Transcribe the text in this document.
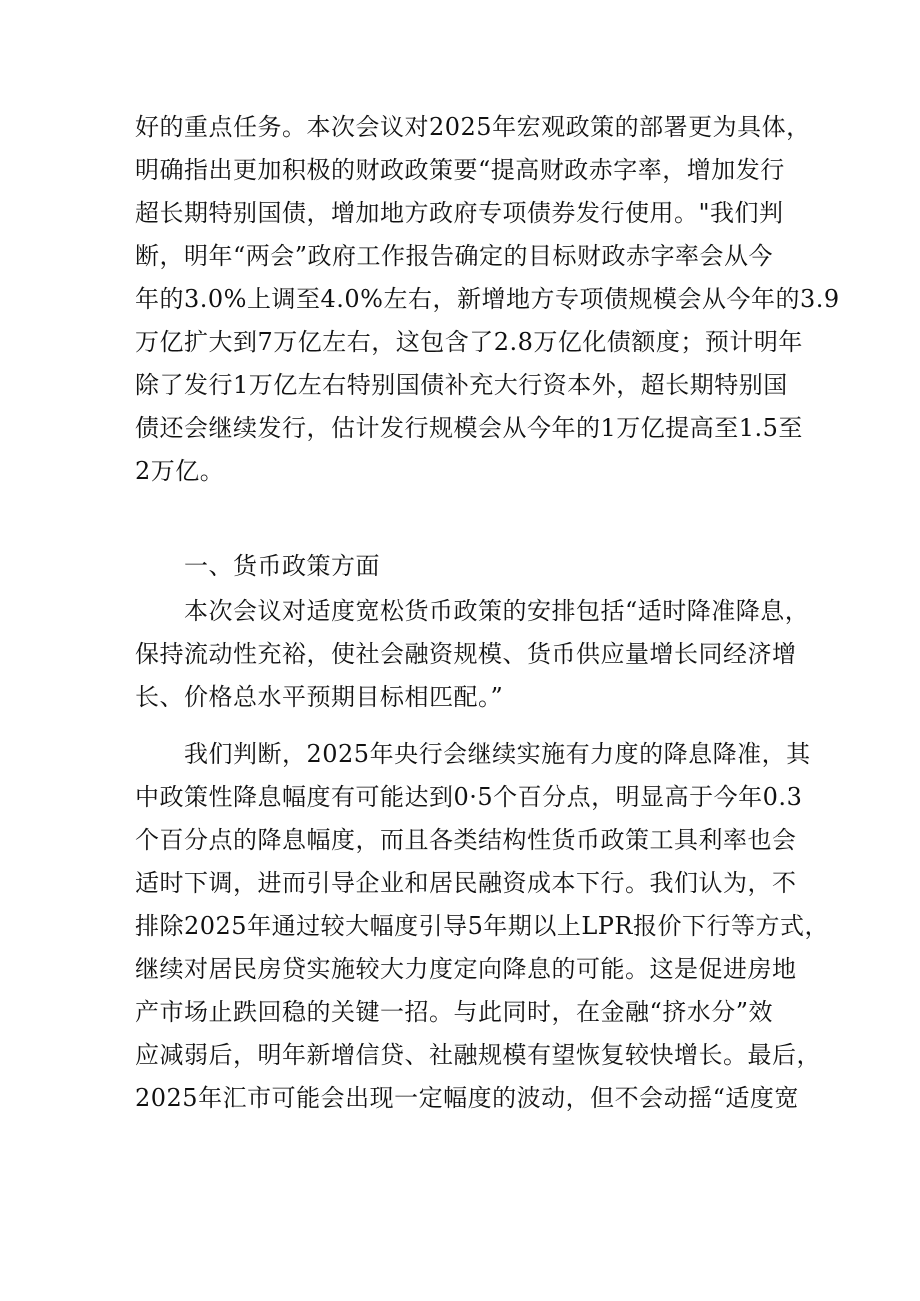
好的重点任务。本次会议对2025年宏观政策的部署更为具体，
明确指出更加积极的财政政策要“提高财政赤字率，增加发行
超长期特别国债，增加地方政府专项债券发行使用。"我们判
断，明年“两会”政府工作报告确定的目标财政赤字率会从今
年的3.0%上调至4.0%左右，新增地方专项债规模会从今年的3.9
万亿扩大到7万亿左右，这包含了2.8万亿化债额度；预计明年
除了发行1万亿左右特别国债补充大行资本外，超长期特别国
债还会继续发行，估计发行规模会从今年的1万亿提高至1.5至
2万亿。
一、货币政策方面
本次会议对适度宽松货币政策的安排包括“适时降准降息，
保持流动性充裕，使社会融资规模、货币供应量增长同经济增
长、价格总水平预期目标相匹配。”
我们判断，2025年央行会继续实施有力度的降息降准，其
中政策性降息幅度有可能达到0·5个百分点，明显高于今年0.3
个百分点的降息幅度，而且各类结构性货币政策工具利率也会
适时下调，进而引导企业和居民融资成本下行。我们认为，不
排除2025年通过较大幅度引导5年期以上LPR报价下行等方式，
继续对居民房贷实施较大力度定向降息的可能。这是促进房地
产市场止跌回稳的关键一招。与此同时，在金融“挤水分”效
应减弱后，明年新增信贷、社融规模有望恢复较快增长。最后，
2025年汇市可能会出现一定幅度的波动，但不会动摇“适度宽
